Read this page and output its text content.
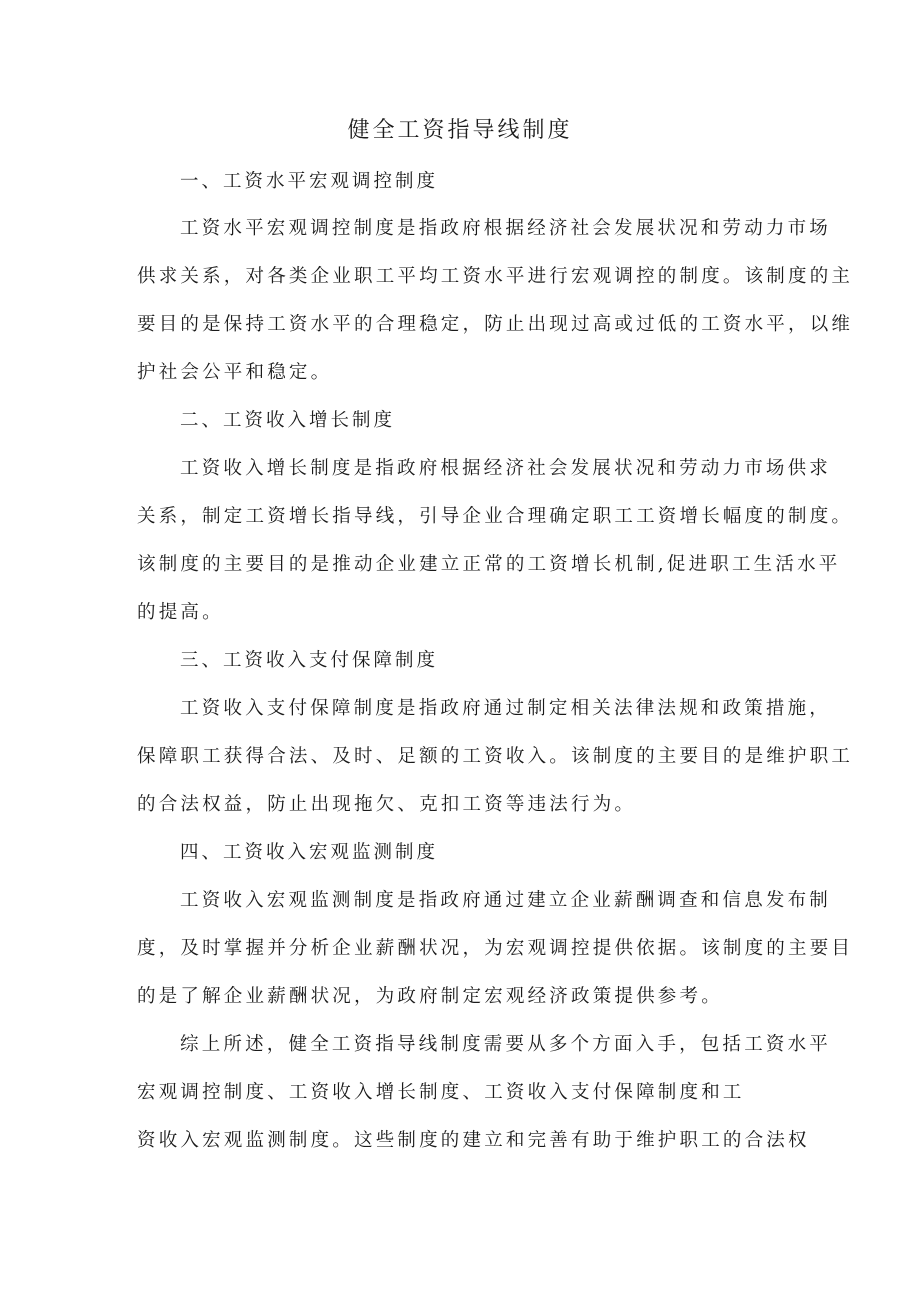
健全工资指导线制度
一、工资水平宏观调控制度
工资水平宏观调控制度是指政府根据经济社会发展状况和劳动力市场
供求关系，对各类企业职工平均工资水平进行宏观调控的制度。该制度的主
要目的是保持工资水平的合理稳定，防止出现过高或过低的工资水平，以维
护社会公平和稳定。
二、工资收入增长制度
工资收入增长制度是指政府根据经济社会发展状况和劳动力市场供求
关系，制定工资增长指导线，引导企业合理确定职工工资增长幅度的制度。
该制度的主要目的是推动企业建立正常的工资增长机制,促进职工生活水平
的提高。
三、工资收入支付保障制度
工资收入支付保障制度是指政府通过制定相关法律法规和政策措施，
保障职工获得合法、及时、足额的工资收入。该制度的主要目的是维护职工
的合法权益，防止出现拖欠、克扣工资等违法行为。
四、工资收入宏观监测制度
工资收入宏观监测制度是指政府通过建立企业薪酬调查和信息发布制
度，及时掌握并分析企业薪酬状况，为宏观调控提供依据。该制度的主要目
的是了解企业薪酬状况，为政府制定宏观经济政策提供参考。
综上所述，健全工资指导线制度需要从多个方面入手，包括工资水平
宏观调控制度、工资收入增长制度、工资收入支付保障制度和工
资收入宏观监测制度。这些制度的建立和完善有助于维护职工的合法权
